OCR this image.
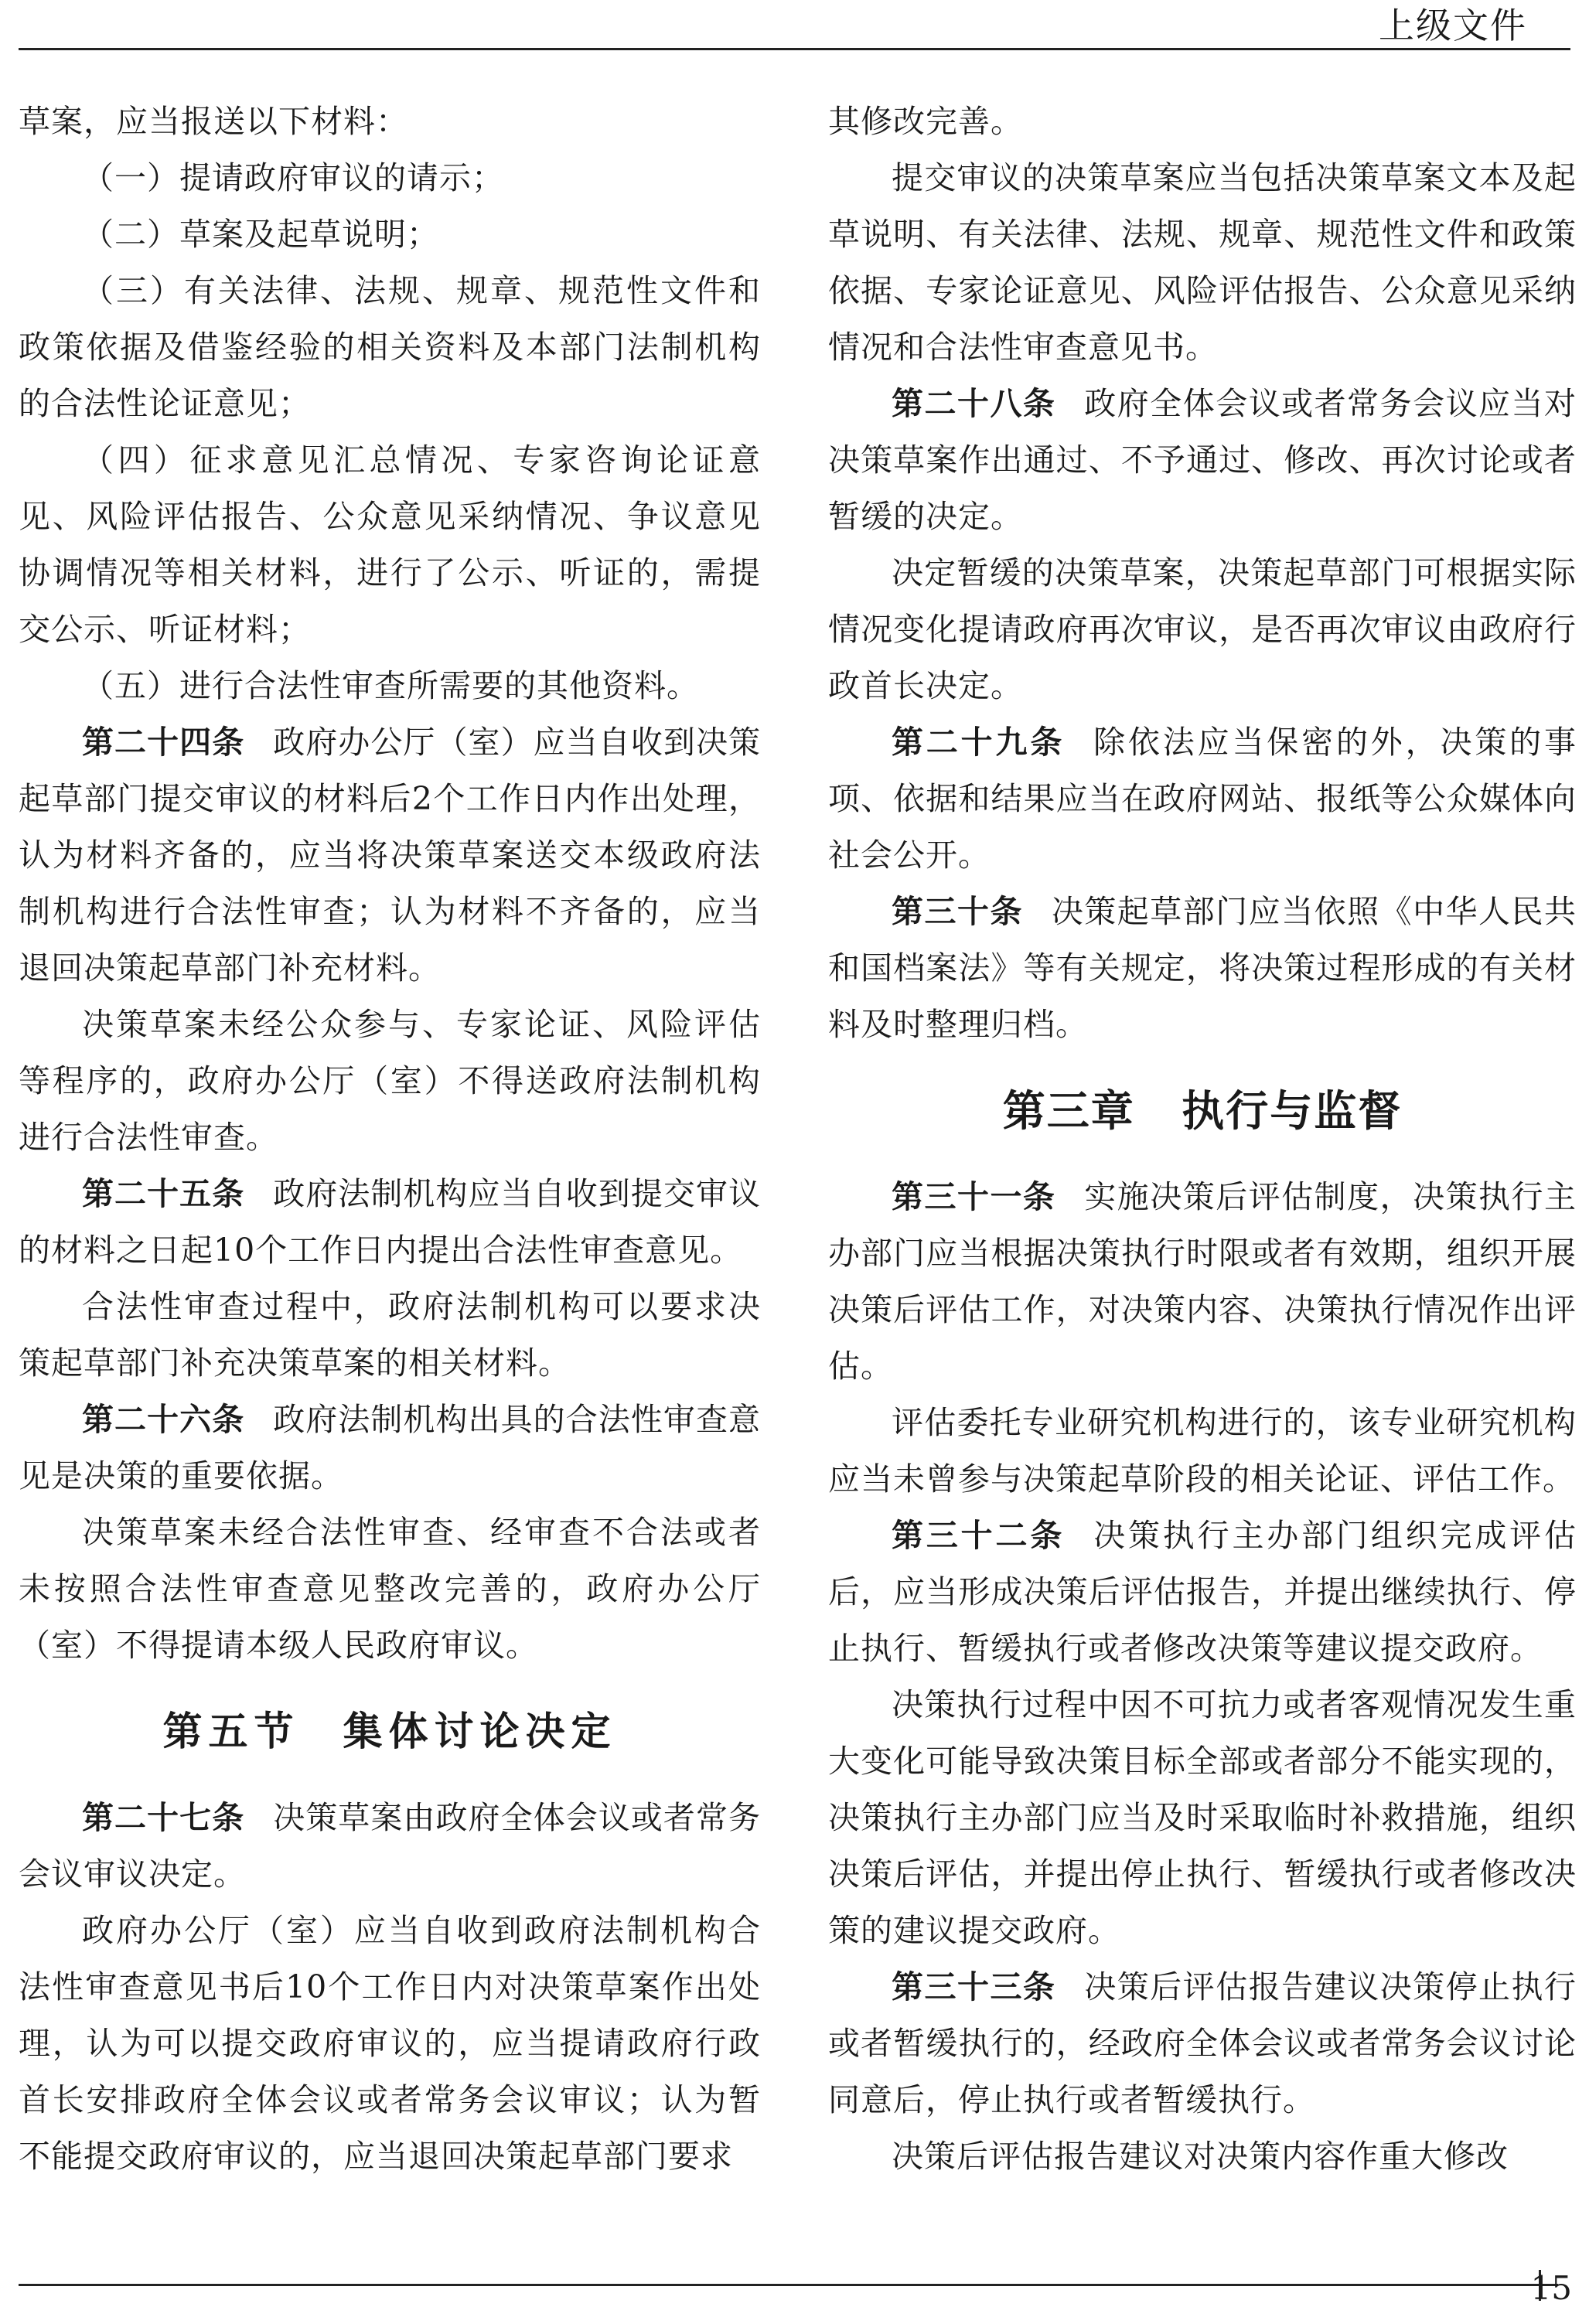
上级文件

草案，应当报送以下材料：

（一）提请政府审议的请示；

（二）草案及起草说明；

（三）有关法律、法规、规章、规范性文件和政策依据及借鉴经验的相关资料及本部门法制机构的合法性论证意见；

（四）征求意见汇总情况、专家咨询论证意见、风险评估报告、公众意见采纳情况、争议意见协调情况等相关材料，进行了公示、听证的，需提交公示、听证材料；

（五）进行合法性审查所需要的其他资料。

第二十四条 政府办公厅（室）应当自收到决策起草部门提交审议的材料后2个工作日内作出处理，认为材料齐备的，应当将决策草案送交本级政府法制机构进行合法性审查；认为材料不齐备的，应当退回决策起草部门补充材料。

决策草案未经公众参与、专家论证、风险评估等程序的，政府办公厅（室）不得送政府法制机构进行合法性审查。

第二十五条 政府法制机构应当自收到提交审议的材料之日起10个工作日内提出合法性审查意见。

合法性审查过程中，政府法制机构可以要求决策起草部门补充决策草案的相关材料。

第二十六条 政府法制机构出具的合法性审查意见是决策的重要依据。

决策草案未经合法性审查、经审查不合法或者未按照合法性审查意见整改完善的，政府办公厅（室）不得提请本级人民政府审议。

第五节 集体讨论决定

第二十七条 决策草案由政府全体会议或者常务会议审议决定。

政府办公厅（室）应当自收到政府法制机构合法性审查意见书后10个工作日内对决策草案作出处理，认为可以提交政府审议的，应当提请政府行政首长安排政府全体会议或者常务会议审议；认为暂不能提交政府审议的，应当退回决策起草部门要求

其修改完善。

提交审议的决策草案应当包括决策草案文本及起草说明、有关法律、法规、规章、规范性文件和政策依据、专家论证意见、风险评估报告、公众意见采纳情况和合法性审查意见书。

第二十八条 政府全体会议或者常务会议应当对决策草案作出通过、不予通过、修改、再次讨论或者暂缓的决定。

决定暂缓的决策草案，决策起草部门可根据实际情况变化提请政府再次审议，是否再次审议由政府行政首长决定。

第二十九条 除依法应当保密的外，决策的事项、依据和结果应当在政府网站、报纸等公众媒体向社会公开。

第三十条 决策起草部门应当依照《中华人民共和国档案法》等有关规定，将决策过程形成的有关材料及时整理归档。

第三章 执行与监督

第三十一条 实施决策后评估制度，决策执行主办部门应当根据决策执行时限或者有效期，组织开展决策后评估工作，对决策内容、决策执行情况作出评估。

评估委托专业研究机构进行的，该专业研究机构应当未曾参与决策起草阶段的相关论证、评估工作。

第三十二条 决策执行主办部门组织完成评估后，应当形成决策后评估报告，并提出继续执行、停止执行、暂缓执行或者修改决策等建议提交政府。

决策执行过程中因不可抗力或者客观情况发生重大变化可能导致决策目标全部或者部分不能实现的，决策执行主办部门应当及时采取临时补救措施，组织决策后评估，并提出停止执行、暂缓执行或者修改决策的建议提交政府。

第三十三条 决策后评估报告建议决策停止执行或者暂缓执行的，经政府全体会议或者常务会议讨论同意后，停止执行或者暂缓执行。

决策后评估报告建议对决策内容作重大修改

15
